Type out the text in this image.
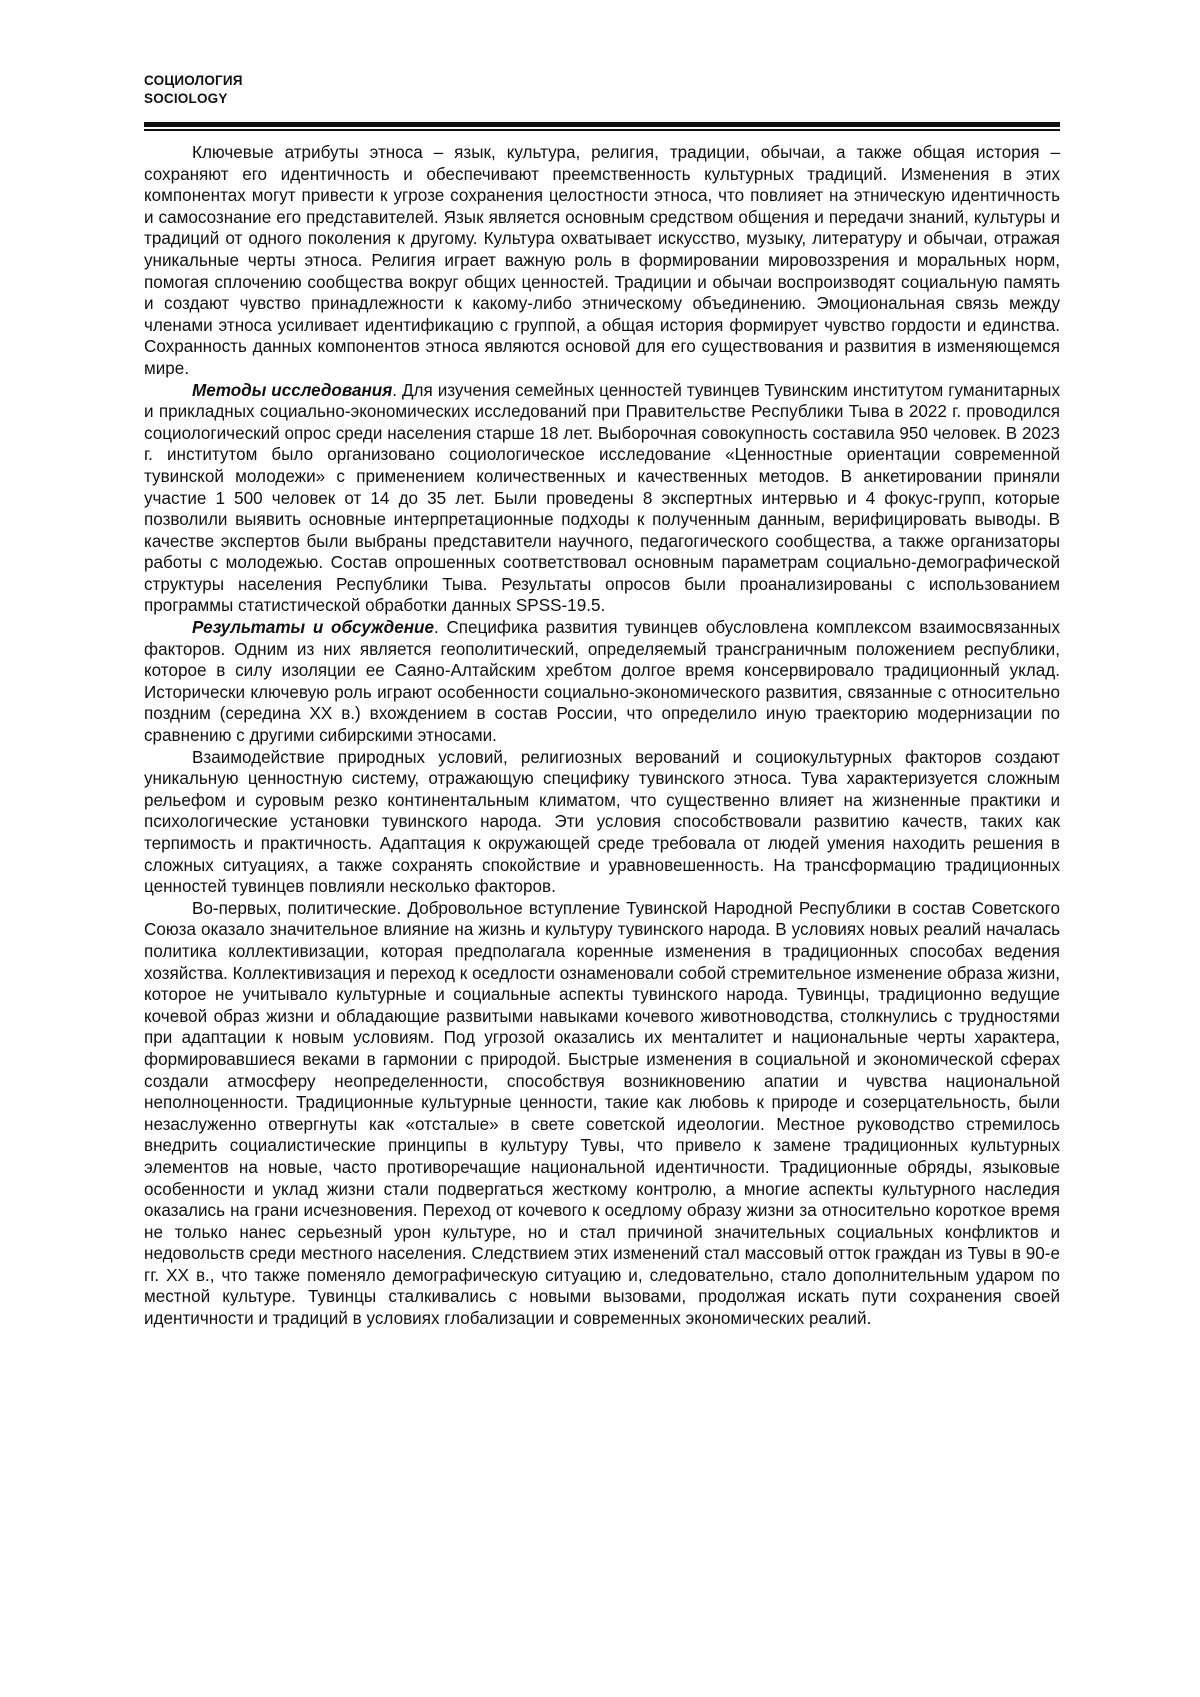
СОЦИОЛОГИЯ
SOCIOLOGY

Ключевые атрибуты этноса – язык, культура, религия, традиции, обычаи, а также общая история – сохраняют его идентичность и обеспечивают преемственность культурных традиций. Изменения в этих компонентах могут привести к угрозе сохранения целостности этноса, что повлияет на этническую идентичность и самосознание его представителей. Язык является основным средством общения и передачи знаний, культуры и традиций от одного поколения к другому. Культура охватывает искусство, музыку, литературу и обычаи, отражая уникальные черты этноса. Религия играет важную роль в формировании мировоззрения и моральных норм, помогая сплочению сообщества вокруг общих ценностей. Традиции и обычаи воспроизводят социальную память и создают чувство принадлежности к какому-либо этническому объединению. Эмоциональная связь между членами этноса усиливает идентификацию с группой, а общая история формирует чувство гордости и единства. Сохранность данных компонентов этноса являются основой для его существования и развития в изменяющемся мире.

Методы исследования. Для изучения семейных ценностей тувинцев Тувинским институтом гуманитарных и прикладных социально-экономических исследований при Правительстве Республики Тыва в 2022 г. проводился социологический опрос среди населения старше 18 лет. Выборочная совокупность составила 950 человек. В 2023 г. институтом было организовано социологическое исследование «Ценностные ориентации современной тувинской молодежи» с применением количественных и качественных методов. В анкетировании приняли участие 1 500 человек от 14 до 35 лет. Были проведены 8 экспертных интервью и 4 фокус-групп, которые позволили выявить основные интерпретационные подходы к полученным данным, верифицировать выводы. В качестве экспертов были выбраны представители научного, педагогического сообщества, а также организаторы работы с молодежью. Состав опрошенных соответствовал основным параметрам социально-демографической структуры населения Республики Тыва. Результаты опросов были проанализированы с использованием программы статистической обработки данных SPSS-19.5.

Результаты и обсуждение. Специфика развития тувинцев обусловлена комплексом взаимосвязанных факторов. Одним из них является геополитический, определяемый трансграничным положением республики, которое в силу изоляции ее Саяно-Алтайским хребтом долгое время консервировало традиционный уклад. Исторически ключевую роль играют особенности социально-экономического развития, связанные с относительно поздним (середина XX в.) вхождением в состав России, что определило иную траекторию модернизации по сравнению с другими сибирскими этносами.

Взаимодействие природных условий, религиозных верований и социокультурных факторов создают уникальную ценностную систему, отражающую специфику тувинского этноса. Тува характеризуется сложным рельефом и суровым резко континентальным климатом, что существенно влияет на жизненные практики и психологические установки тувинского народа. Эти условия способствовали развитию качеств, таких как терпимость и практичность. Адаптация к окружающей среде требовала от людей умения находить решения в сложных ситуациях, а также сохранять спокойствие и уравновешенность. На трансформацию традиционных ценностей тувинцев повлияли несколько факторов.

Во-первых, политические. Добровольное вступление Тувинской Народной Республики в состав Советского Союза оказало значительное влияние на жизнь и культуру тувинского народа. В условиях новых реалий началась политика коллективизации, которая предполагала коренные изменения в традиционных способах ведения хозяйства. Коллективизация и переход к оседлости ознаменовали собой стремительное изменение образа жизни, которое не учитывало культурные и социальные аспекты тувинского народа. Тувинцы, традиционно ведущие кочевой образ жизни и обладающие развитыми навыками кочевого животноводства, столкнулись с трудностями при адаптации к новым условиям. Под угрозой оказались их менталитет и национальные черты характера, формировавшиеся веками в гармонии с природой. Быстрые изменения в социальной и экономической сферах создали атмосферу неопределенности, способствуя возникновению апатии и чувства национальной неполноценности. Традиционные культурные ценности, такие как любовь к природе и созерцательность, были незаслуженно отвергнуты как «отсталые» в свете советской идеологии. Местное руководство стремилось внедрить социалистические принципы в культуру Тувы, что привело к замене традиционных культурных элементов на новые, часто противоречащие национальной идентичности. Традиционные обряды, языковые особенности и уклад жизни стали подвергаться жесткому контролю, а многие аспекты культурного наследия оказались на грани исчезновения. Переход от кочевого к оседлому образу жизни за относительно короткое время не только нанес серьезный урон культуре, но и стал причиной значительных социальных конфликтов и недовольств среди местного населения. Следствием этих изменений стал массовый отток граждан из Тувы в 90-е гг. XX в., что также поменяло демографическую ситуацию и, следовательно, стало дополнительным ударом по местной культуре. Тувинцы сталкивались с новыми вызовами, продолжая искать пути сохранения своей идентичности и традиций в условиях глобализации и современных экономических реалий.
